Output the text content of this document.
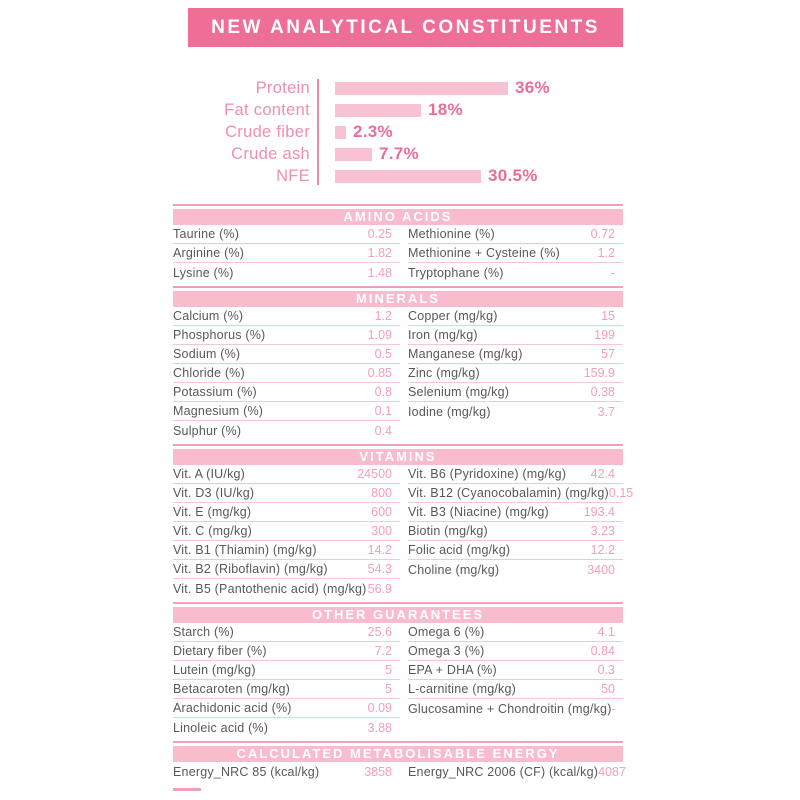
NEW ANALYTICAL CONSTITUENTS
Protein	36%
Fat content	18%
Crude fiber	2.3%
Crude ash	7.7%
NFE	30.5%
AMINO ACIDS
Taurine (%)	0.25
Arginine (%)	1.82
Lysine (%)	1.48
Methionine (%)	0.72
Methionine + Cysteine (%)	1.2
Tryptophane (%)	-
MINERALS
Calcium (%)	1.2
Phosphorus (%)	1.09
Sodium (%)	0.5
Chloride (%)	0.85
Potassium (%)	0.8
Magnesium (%)	0.1
Sulphur (%)	0.4
Copper (mg/kg)	15
Iron (mg/kg)	199
Manganese (mg/kg)	57
Zinc (mg/kg)	159.9
Selenium (mg/kg)	0.38
Iodine (mg/kg)	3.7
VITAMINS
Vit. A (IU/kg)	24500
Vit. D3 (IU/kg)	800
Vit. E (mg/kg)	600
Vit. C (mg/kg)	300
Vit. B1 (Thiamin) (mg/kg)	14.2
Vit. B2 (Riboflavin) (mg/kg)	54.3
Vit. B5 (Pantothenic acid) (mg/kg) 56.9
Vit. B6 (Pyridoxine) (mg/kg) 42.4
Vit. B12 (Cyanocobalamin) (mg/kg) 0.15
Vit. B3 (Niacine) (mg/kg)	193.4
Biotin (mg/kg)	3.23
Folic acid (mg/kg)	12.2
Choline (mg/kg)	3400
OTHER GUARANTEES
Starch (%)	25.6
Dietary fiber (%)	7.2
Lutein (mg/kg)	5
Betacaroten (mg/kg)	5
Arachidonic acid (%)	0.09
Linoleic acid (%)	3.88
Omega 6 (%)	4.1
Omega 3 (%)	0.84
EPA + DHA (%)	0.3
L-carnitine (mg/kg)	50
Glucosamine + Chondroitin (mg/kg) -
CALCULATED METABOLISABLE ENERGY
Energy_NRC 85 (kcal/kg)	3858	Energy_NRC 2006 (CF) (kcal/kg) 4087
